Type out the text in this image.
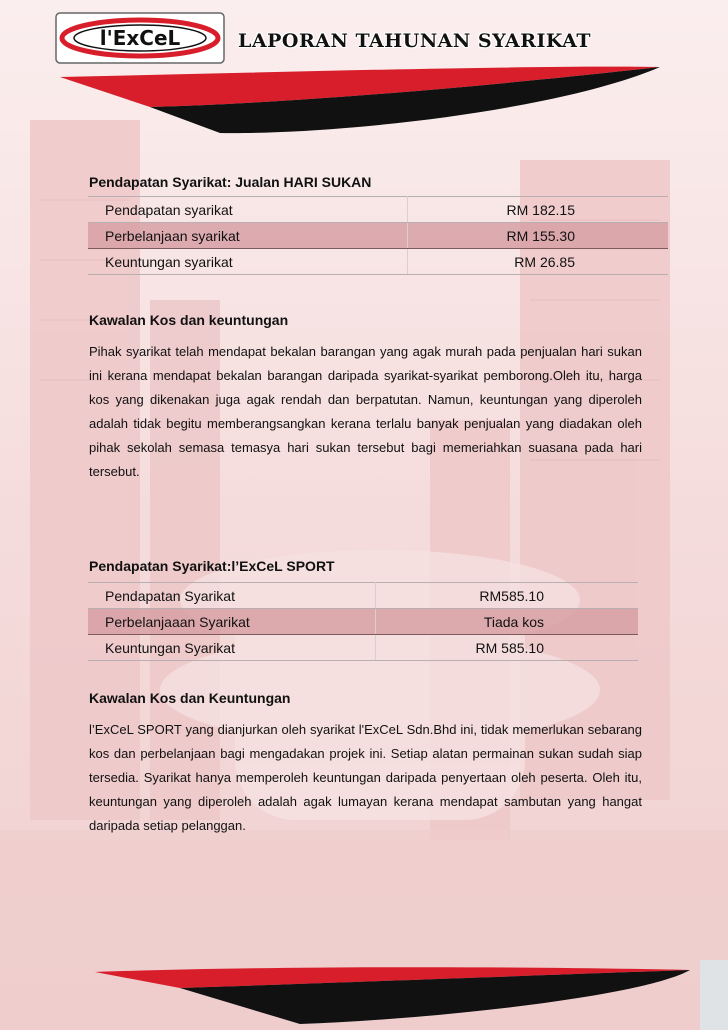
l'ExCeL	LAPORAN TAHUNAN SYARIKAT
Pendapatan Syarikat: Jualan HARI SUKAN
Pendapatan syarikat	RM 182.15
Perbelanjaan syarikat	RM 155.30
Keuntungan syarikat	RM 26.85
Kawalan Kos dan keuntungan

Pihak syarikat telah mendapat bekalan barangan yang agak murah pada penjualan hari sukan ini kerana mendapat bekalan barangan daripada syarikat-syarikat pemborong.Oleh itu, harga kos yang dikenakan juga agak rendah dan berpatutan. Namun, keuntungan yang diperoleh adalah tidak begitu memberangsangkan kerana terlalu banyak penjualan yang diadakan oleh pihak sekolah semasa temasya hari sukan tersebut bagi memeriahkan suasana pada hari tersebut.

Pendapatan Syarikat:l’ExCeL SPORT
Pendapatan Syarikat	RM585.10
Perbelanjaaan Syarikat	Tiada kos
Keuntungan Syarikat	RM 585.10
Kawalan Kos dan Keuntungan

l’ExCeL SPORT yang dianjurkan oleh syarikat l'ExCeL Sdn.Bhd ini, tidak memerlukan sebarang kos dan perbelanjaan bagi mengadakan projek ini. Setiap alatan permainan sukan sudah siap tersedia. Syarikat hanya memperoleh keuntungan daripada penyertaan oleh peserta. Oleh itu, keuntungan yang diperoleh adalah agak lumayan kerana mendapat sambutan yang hangat daripada setiap pelanggan.
